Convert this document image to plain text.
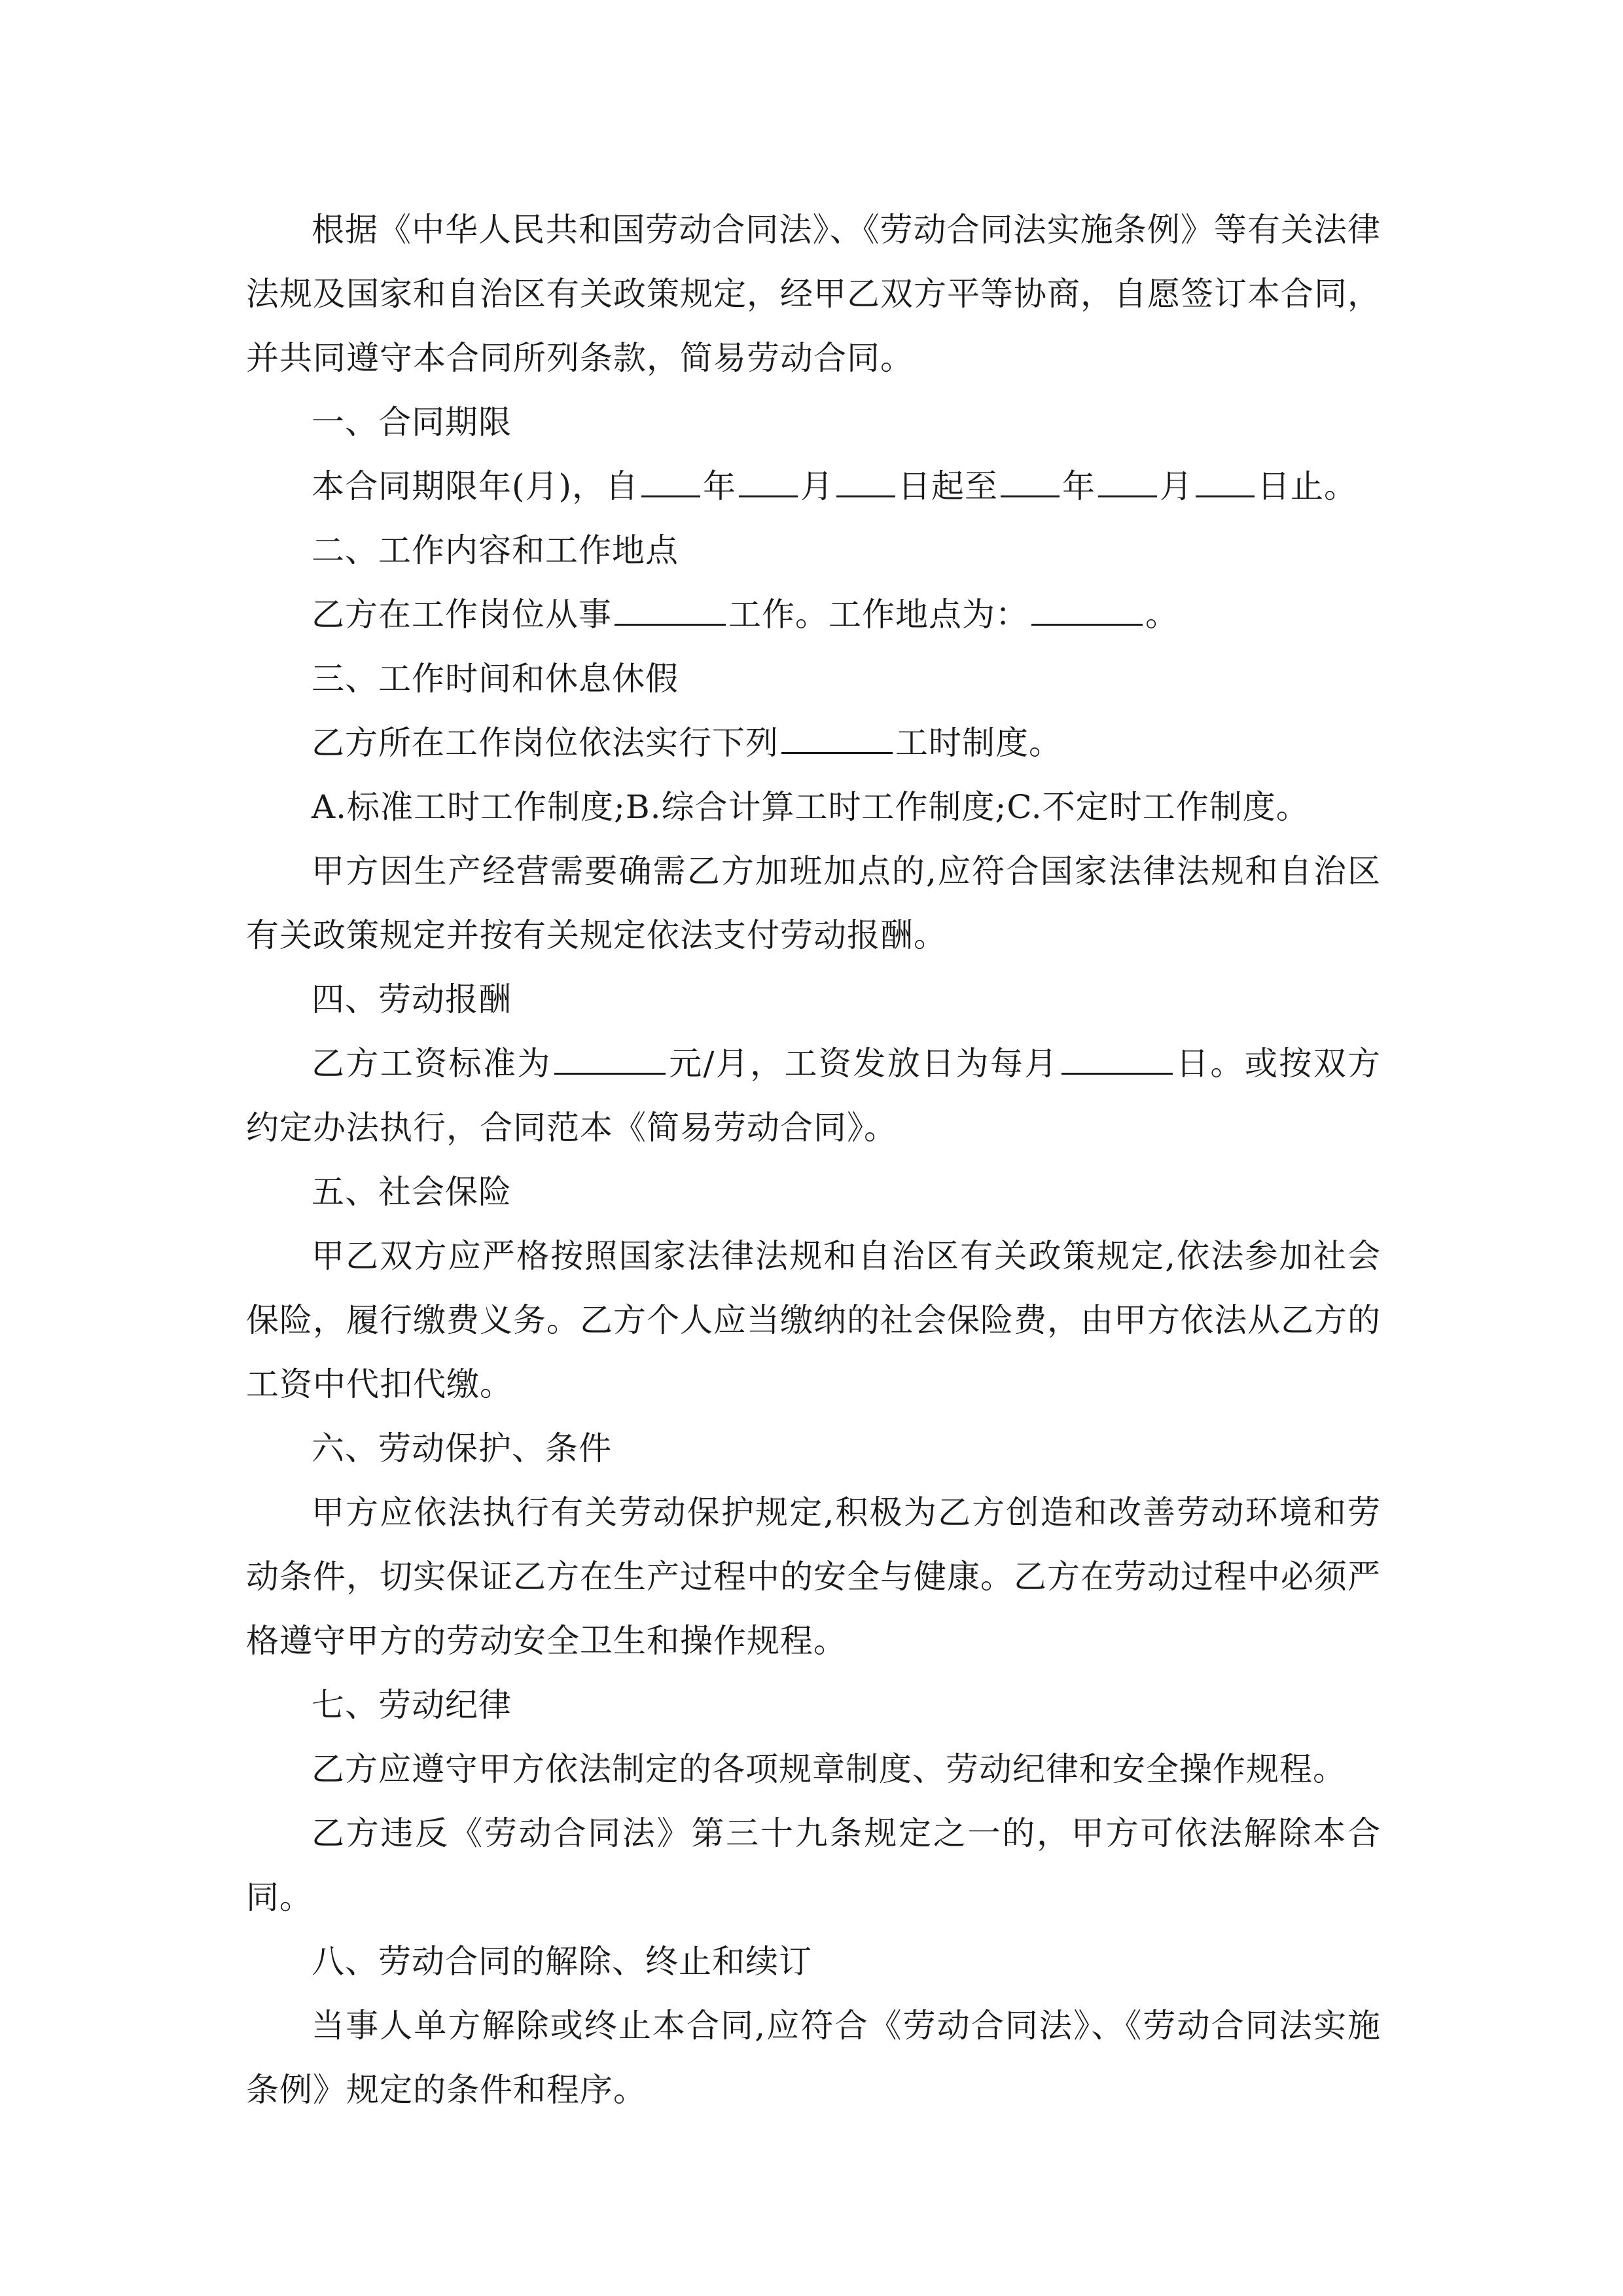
根据《中华人民共和国劳动合同法》、《劳动合同法实施条例》等有关法律法规及国家和自治区有关政策规定，经甲乙双方平等协商，自愿签订本合同，并共同遵守本合同所列条款，简易劳动合同。

一、合同期限

本合同期限年(月)，自 年 月 日起至 年 月 日止。

二、工作内容和工作地点

乙方在工作岗位从事	工作。工作地点为：	。

三、工作时间和休息休假

乙方所在工作岗位依法实行下列	工时制度。

A.标准工时工作制度;B.综合计算工时工作制度;C.不定时工作制度。

甲方因生产经营需要确需乙方加班加点的,应符合国家法律法规和自治区有关政策规定并按有关规定依法支付劳动报酬。

四、劳动报酬

乙方工资标准为	元/月，工资发放日为每月	日。或按双方约定办法执行，合同范本《简易劳动合同》。

五、社会保险

甲乙双方应严格按照国家法律法规和自治区有关政策规定,依法参加社会保险，履行缴费义务。乙方个人应当缴纳的社会保险费，由甲方依法从乙方的工资中代扣代缴。

六、劳动保护、条件

甲方应依法执行有关劳动保护规定,积极为乙方创造和改善劳动环境和劳动条件，切实保证乙方在生产过程中的安全与健康。乙方在劳动过程中必须严格遵守甲方的劳动安全卫生和操作规程。

七、劳动纪律

乙方应遵守甲方依法制定的各项规章制度、劳动纪律和安全操作规程。

乙方违反《劳动合同法》第三十九条规定之一的，甲方可依法解除本合同。

八、劳动合同的解除、终止和续订

当事人单方解除或终止本合同,应符合《劳动合同法》、《劳动合同法实施条例》规定的条件和程序。
